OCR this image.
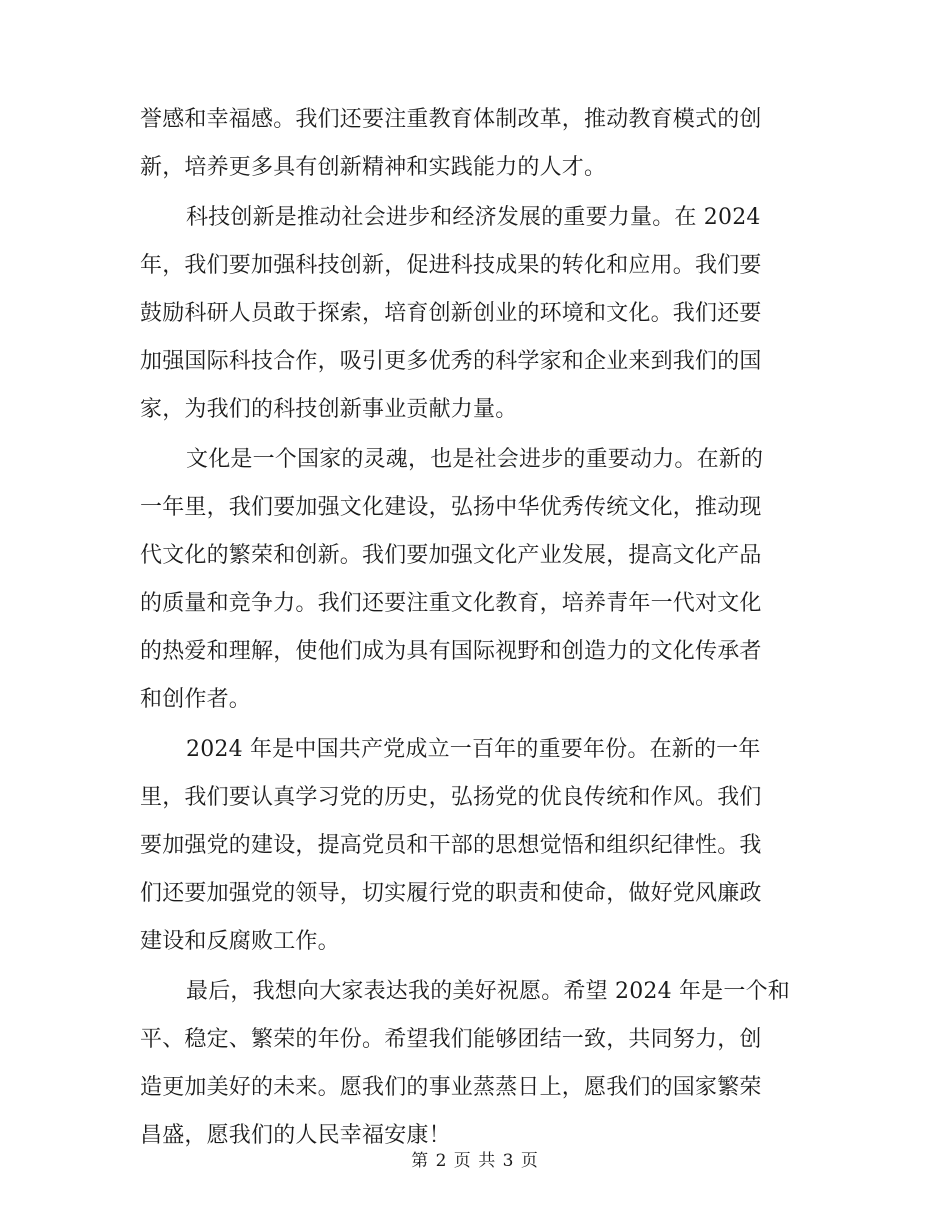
誉感和幸福感。我们还要注重教育体制改革，推动教育模式的创
新，培养更多具有创新精神和实践能力的人才。
科技创新是推动社会进步和经济发展的重要力量。在 2024
年，我们要加强科技创新，促进科技成果的转化和应用。我们要
鼓励科研人员敢于探索，培育创新创业的环境和文化。我们还要
加强国际科技合作，吸引更多优秀的科学家和企业来到我们的国
家，为我们的科技创新事业贡献力量。
文化是一个国家的灵魂，也是社会进步的重要动力。在新的
一年里，我们要加强文化建设，弘扬中华优秀传统文化，推动现
代文化的繁荣和创新。我们要加强文化产业发展，提高文化产品
的质量和竞争力。我们还要注重文化教育，培养青年一代对文化
的热爱和理解，使他们成为具有国际视野和创造力的文化传承者
和创作者。
2024 年是中国共产党成立一百年的重要年份。在新的一年
里，我们要认真学习党的历史，弘扬党的优良传统和作风。我们
要加强党的建设，提高党员和干部的思想觉悟和组织纪律性。我
们还要加强党的领导，切实履行党的职责和使命，做好党风廉政
建设和反腐败工作。
最后，我想向大家表达我的美好祝愿。希望 2024 年是一个和
平、稳定、繁荣的年份。希望我们能够团结一致，共同努力，创
造更加美好的未来。愿我们的事业蒸蒸日上，愿我们的国家繁荣
昌盛，愿我们的人民幸福安康！
第 2 页 共 3 页
